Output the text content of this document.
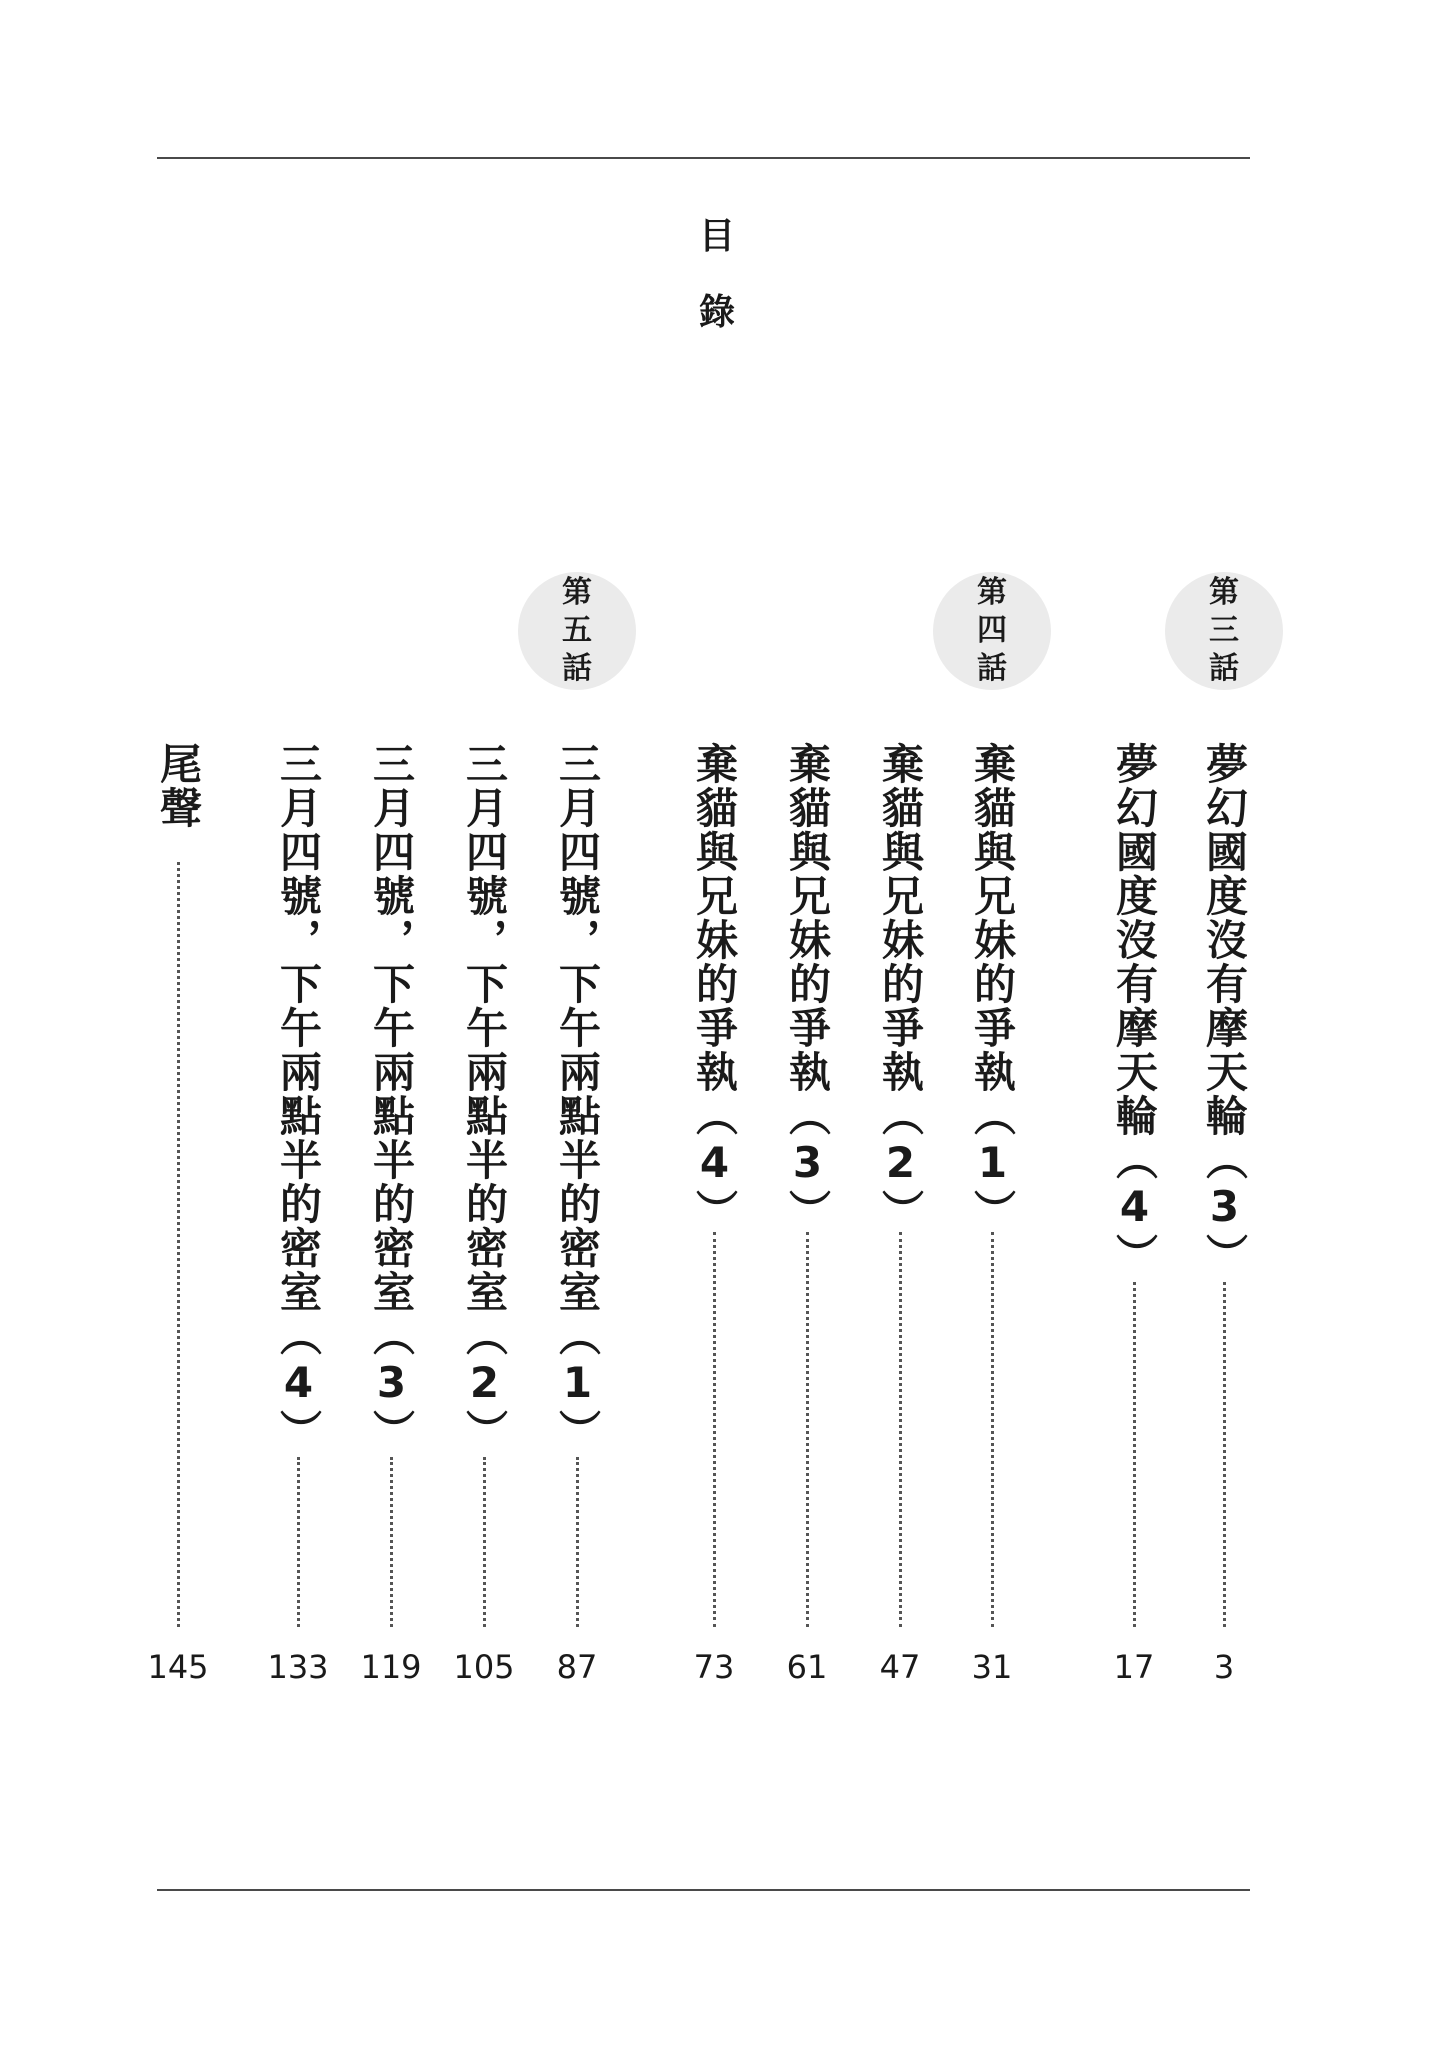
目
錄
第
三
話
第
四
話
第
五
話
夢幻國度沒有摩天輪（3）
3
夢幻國度沒有摩天輪（4）
17
棄貓與兄妹的爭執（1）
31
棄貓與兄妹的爭執（2）
47
棄貓與兄妹的爭執（3）
61
棄貓與兄妹的爭執（4）
73
三月四號，下午兩點半的密室（1）
87
三月四號，下午兩點半的密室（2）
105
三月四號，下午兩點半的密室（3）
119
三月四號，下午兩點半的密室（4）
133
尾聲
145
